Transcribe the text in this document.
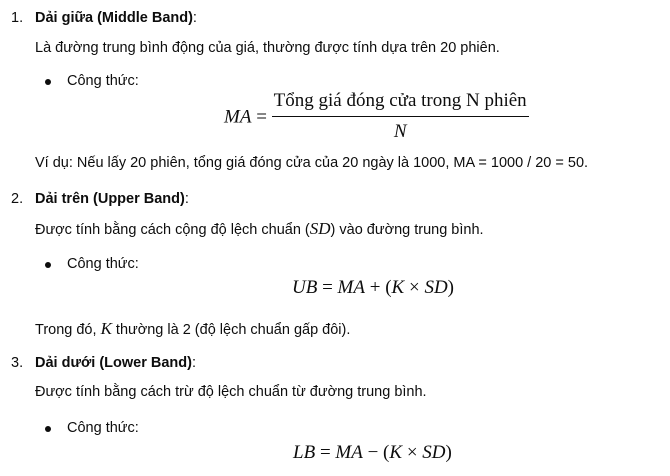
1. Dải giữa (Middle Band):
Là đường trung bình động của giá, thường được tính dựa trên 20 phiên.
Công thức:
MA = $\frac{\text{Tổng giá đóng cửa trong N phiên}}{N}$
Ví dụ: Nếu lấy 20 phiên, tổng giá đóng cửa của 20 ngày là 1000, MA = 1000 / 20 = 50.
2. Dải trên (Upper Band):
Được tính bằng cách cộng độ lệch chuẩn (SD) vào đường trung bình.
Công thức:
UB = MA + (K × SD)
Trong đó, K thường là 2 (độ lệch chuẩn gấp đôi).
3. Dải dưới (Lower Band):
Được tính bằng cách trừ độ lệch chuẩn từ đường trung bình.
Công thức:
LB = MA − (K × SD)
